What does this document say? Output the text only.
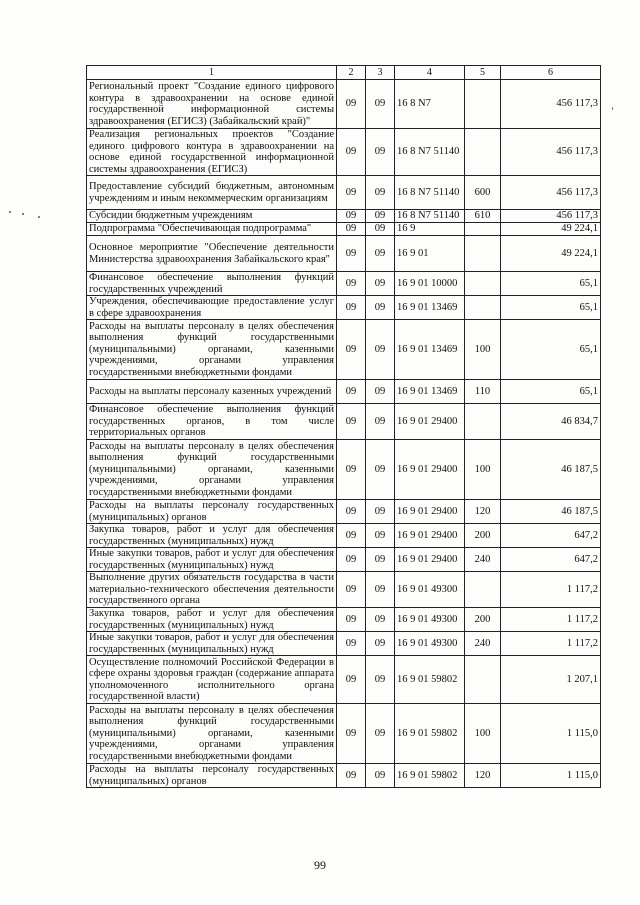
1	2	3	4	5	6
Региональный проект "Создание единого цифрового контура в здравоохранении на основе единой государственной информационной системы здравоохранения (ЕГИСЗ) (Забайкальский край)"	09	09	16 8 N7		456 117,3
Реализация региональных проектов "Создание единого цифрового контура в здравоохранении на основе единой государственной информационной системы здравоохранения (ЕГИСЗ)	09	09	16 8 N7 51140		456 117,3
Предоставление субсидий бюджетным, автономным учреждениям и иным некоммерческим организациям	09	09	16 8 N7 51140	600	456 117,3
Субсидии бюджетным учреждениям	09	09	16 8 N7 51140	610	456 117,3
Подпрограмма "Обеспечивающая подпрограмма"	09	09	16 9		49 224,1
Основное мероприятие "Обеспечение деятельности Министерства здравоохранения Забайкальского края"	09	09	16 9 01		49 224,1
Финансовое обеспечение выполнения функций государственных учреждений	09	09	16 9 01 10000		65,1
Учреждения, обеспечивающие предоставление услуг в сфере здравоохранения	09	09	16 9 01 13469		65,1
Расходы на выплаты персоналу в целях обеспечения выполнения функций государственными (муниципальными) органами, казенными учреждениями, органами управления государственными внебюджетными фондами	09	09	16 9 01 13469	100	65,1
Расходы на выплаты персоналу казенных учреждений	09	09	16 9 01 13469	110	65,1
Финансовое обеспечение выполнения функций государственных органов, в том числе территориальных органов	09	09	16 9 01 29400		46 834,7
Расходы на выплаты персоналу в целях обеспечения выполнения функций государственными (муниципальными) органами, казенными учреждениями, органами управления государственными внебюджетными фондами	09	09	16 9 01 29400	100	46 187,5
Расходы на выплаты персоналу государственных (муниципальных) органов	09	09	16 9 01 29400	120	46 187,5
Закупка товаров, работ и услуг для обеспечения государственных (муниципальных) нужд	09	09	16 9 01 29400	200	647,2
Иные закупки товаров, работ и услуг для обеспечения государственных (муниципальных) нужд	09	09	16 9 01 29400	240	647,2
Выполнение других обязательств государства в части материально-технического обеспечения деятельности государственного органа	09	09	16 9 01 49300		1 117,2
Закупка товаров, работ и услуг для обеспечения государственных (муниципальных) нужд	09	09	16 9 01 49300	200	1 117,2
Иные закупки товаров, работ и услуг для обеспечения государственных (муниципальных) нужд	09	09	16 9 01 49300	240	1 117,2
Осуществление полномочий Российской Федерации в сфере охраны здоровья граждан (содержание аппарата уполномоченного исполнительного органа государственной власти)	09	09	16 9 01 59802		1 207,1
Расходы на выплаты персоналу в целях обеспечения выполнения функций государственными (муниципальными) органами, казенными учреждениями, органами управления государственными внебюджетными фондами	09	09	16 9 01 59802	100	1 115,0
Расходы на выплаты персоналу государственных (муниципальных) органов	09	09	16 9 01 59802	120	1 115,0
99
